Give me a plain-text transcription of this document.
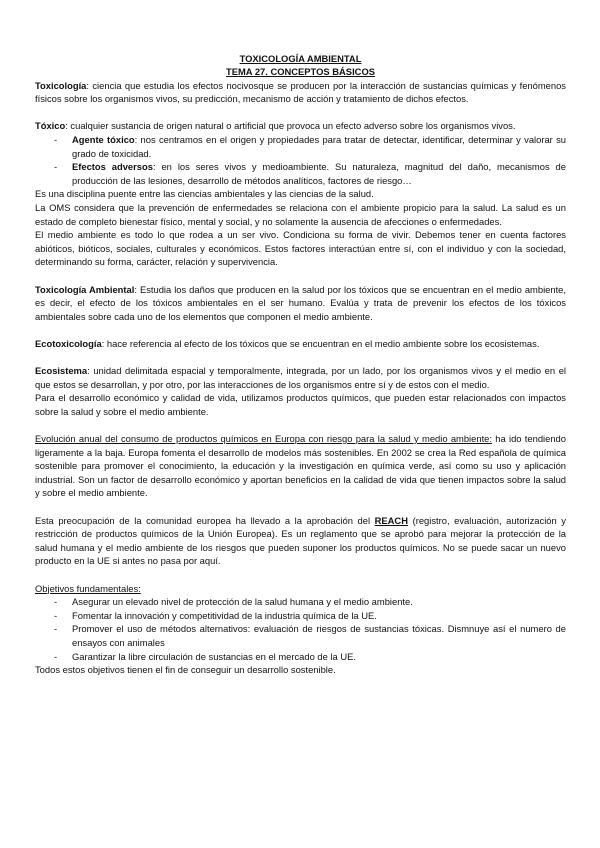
TOXICOLOGÍA AMBIENTAL

TEMA 27. CONCEPTOS BÁSICOS

Toxicología: ciencia que estudia los efectos nocivosque se producen por la interacción de sustancias químicas y fenómenos físicos sobre los organismos vivos, su predicción, mecanismo de acción y tratamiento de dichos efectos.

Tóxico: cualquier sustancia de origen natural o artificial que provoca un efecto adverso sobre los organismos vivos.

- Agente tóxico: nos centramos en el origen y propiedades para tratar de detectar, identificar, determinar y valorar su grado de toxicidad.
- Efectos adversos: en los seres vivos y medioambiente. Su naturaleza, magnitud del daño, mecanismos de producción de las lesiones, desarrollo de métodos analíticos, factores de riesgo…

Es una disciplina puente entre las ciencias ambientales y las ciencias de la salud.

La OMS considera que la prevención de enfermedades se relaciona con el ambiente propicio para la salud. La salud es un estado de completo bienestar físico, mental y social, y no solamente la ausencia de afecciones o enfermedades.

El medio ambiente es todo lo que rodea a un ser vivo. Condiciona su forma de vivir. Debemos tener en cuenta factores abióticos, bióticos, sociales, culturales y económicos. Estos factores interactúan entre sí, con el individuo y con la sociedad, determinando su forma, carácter, relación y supervivencia.

Toxicología Ambiental: Estudia los daños que producen en la salud por los tóxicos que se encuentran en el medio ambiente, es decir, el efecto de los tóxicos ambientales en el ser humano. Evalúa y trata de prevenir los efectos de los tóxicos ambientales sobre cada uno de los elementos que componen el medio ambiente.

Ecotoxicología: hace referencia al efecto de los tóxicos que se encuentran en el medio ambiente sobre los ecosistemas.

Ecosistema: unidad delimitada espacial y temporalmente, integrada, por un lado, por los organismos vivos y el medio en el que estos se desarrollan, y por otro, por las interacciones de los organismos entre sí y de estos con el medio.

Para el desarrollo económico y calidad de vida, utilizamos productos químicos, que pueden estar relacionados con impactos sobre la salud y sobre el medio ambiente.

Evolución anual del consumo de productos químicos en Europa con riesgo para la salud y medio ambiente: ha ido tendiendo ligeramente a la baja. Europa fomenta el desarrollo de modelos más sostenibles. En 2002 se crea la Red española de química sostenible para promover el conocimiento, la educación y la investigación en química verde, así como su uso y aplicación industrial. Son un factor de desarrollo económico y aportan beneficios en la calidad de vida que tienen impactos sobre la salud y sobre el medio ambiente.

Esta preocupación de la comunidad europea ha llevado a la aprobación del REACH (registro, evaluación, autorización y restricción de productos químicos de la Unión Europea). Es un reglamento que se aprobó para mejorar la protección de la salud humana y el medio ambiente de los riesgos que pueden suponer los productos químicos. No se puede sacar un nuevo producto en la UE si antes no pasa por aquí.

Objetivos fundamentales:

- Asegurar un elevado nivel de protección de la salud humana y el medio ambiente.
- Fomentar la innovación y competitividad de la industria química de la UE.
- Promover el uso de métodos alternativos: evaluación de riesgos de sustancias tóxicas. Dismnuye así el numero de ensayos con animales
- Garantizar la libre circulación de sustancias en el mercado de la UE.

Todos estos objetivos tienen el fin de conseguir un desarrollo sostenible.
